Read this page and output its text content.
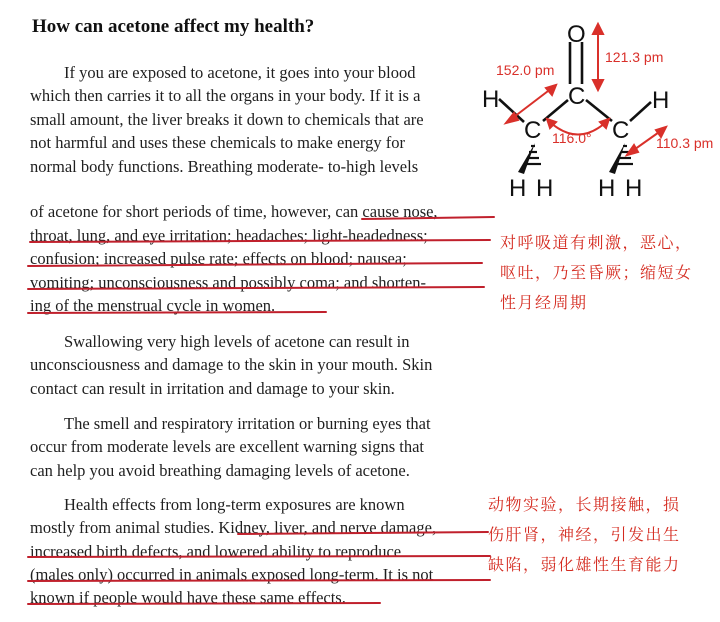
How can acetone affect my health?
If you are exposed to acetone, it goes into your blood
which then carries it to all the organs in your body. If it is a
small amount, the liver breaks it down to chemicals that are
not harmful and uses these chemicals to make energy for
normal body functions. Breathing moderate- to-high levels
of acetone for short periods of time, however, can cause nose,
throat, lung, and eye irritation; headaches; light-headedness;
confusion; increased pulse rate; effects on blood; nausea;
vomiting; unconsciousness and possibly coma; and shorten-
ing of the menstrual cycle in women.
Swallowing very high levels of acetone can result in
unconsciousness and damage to the skin in your mouth. Skin
contact can result in irritation and damage to your skin.
The smell and respiratory irritation or burning eyes that
occur from moderate levels are excellent warning signs that
can help you avoid breathing damaging levels of acetone.
Health effects from long-term exposures are known
mostly from animal studies. Kidney, liver, and nerve damage,
increased birth defects, and lowered ability to reproduce
(males only) occurred in animals exposed long-term. It is not
known if people would have these same effects.
对呼吸道有刺激，恶心，
呕吐，乃至昏厥；缩短女
性月经周期
动物实验，长期接触，损
伤肝肾，神经，引发出生
缺陷，弱化雄性生育能力
O
C
C	C
H	H
H H H H
152.0 pm
121.3 pm
110.3 pm
116.0°
